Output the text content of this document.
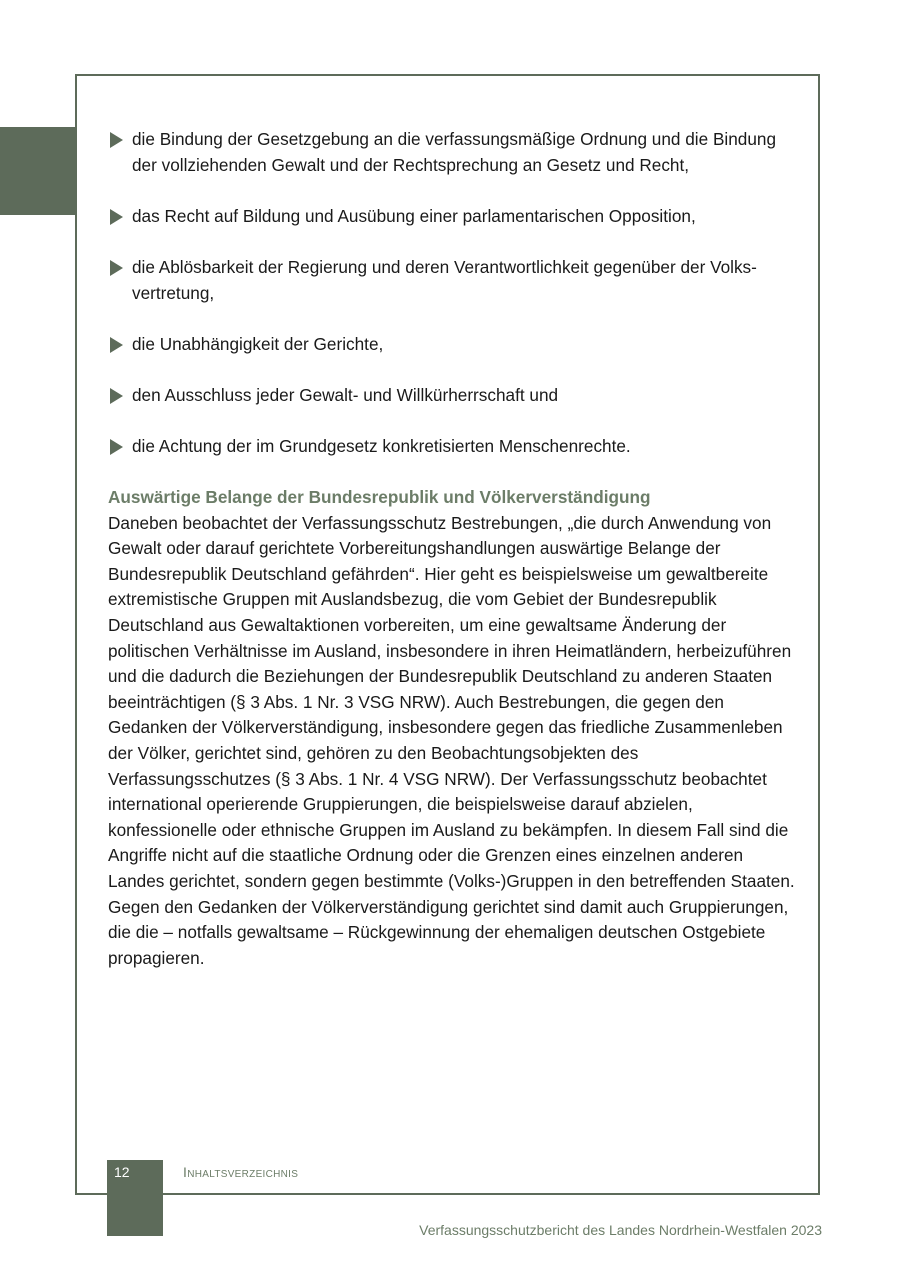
die Bindung der Gesetzgebung an die verfassungsmäßige Ordnung und die Bindung der vollziehenden Gewalt und der Rechtsprechung an Gesetz und Recht,
das Recht auf Bildung und Ausübung einer parlamentarischen Opposition,
die Ablösbarkeit der Regierung und deren Verantwortlichkeit gegenüber der Volks-vertretung,
die Unabhängigkeit der Gerichte,
den Ausschluss jeder Gewalt- und Willkürherrschaft und
die Achtung der im Grundgesetz konkretisierten Menschenrechte.
Auswärtige Belange der Bundesrepublik und Völkerverständigung

Daneben beobachtet der Verfassungsschutz Bestrebungen, „die durch Anwendung von Gewalt oder darauf gerichtete Vorbereitungshandlungen auswärtige Belange der Bundesrepublik Deutschland gefährden“. Hier geht es beispielsweise um gewaltbereite extremistische Gruppen mit Auslandsbezug, die vom Gebiet der Bundesrepublik Deutschland aus Gewaltaktionen vorbereiten, um eine gewaltsame Änderung der politischen Verhältnisse im Ausland, insbesondere in ihren Heimatländern, herbeizuführen und die dadurch die Beziehungen der Bundesrepublik Deutschland zu anderen Staaten beeinträchtigen (§ 3 Abs. 1 Nr. 3 VSG NRW). Auch Bestrebungen, die gegen den Gedanken der Völkerverständigung, insbesondere gegen das friedliche Zusammenleben der Völker, gerichtet sind, gehören zu den Beobachtungsobjekten des Verfassungsschutzes (§ 3 Abs. 1 Nr. 4 VSG NRW). Der Verfassungsschutz beobachtet international operierende Gruppierungen, die beispielsweise darauf abzielen, konfessionelle oder ethnische Gruppen im Ausland zu bekämpfen. In diesem Fall sind die Angriffe nicht auf die staatliche Ordnung oder die Grenzen eines einzelnen anderen Landes gerichtet, sondern gegen bestimmte (Volks-)Gruppen in den betreffenden Staaten. Gegen den Gedanken der Völkerverständigung gerichtet sind damit auch Gruppierungen, die die – notfalls gewaltsame – Rückgewinnung der ehemaligen deutschen Ostgebiete propagieren.

12	Inhaltsverzeichnis
Verfassungsschutzbericht des Landes Nordrhein-Westfalen 2023
